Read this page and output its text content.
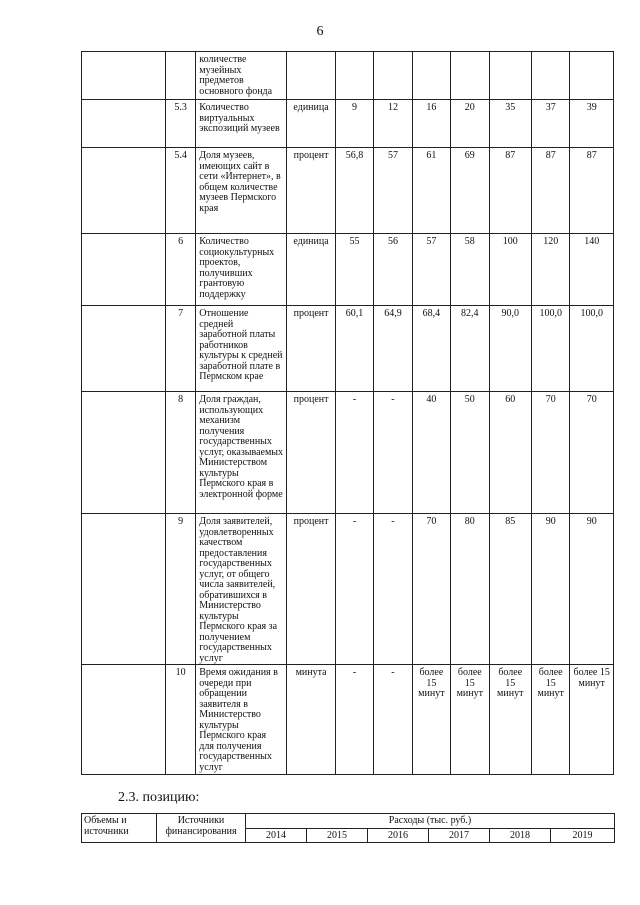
6
		количестве музейных предметов основного фонда								
	5.3	Количество виртуальных экспозиций музеев	единица	9	12	16	20	35	37	39
	5.4	Доля музеев, имеющих сайт в сети «Интернет», в общем количестве музеев Пермского края	процент	56,8	57	61	69	87	87	87
	6	Количество социокультурных проектов, получивших грантовую поддержку	единица	55	56	57	58	100	120	140
	7	Отношение средней заработной платы работников культуры к средней заработной плате в Пермском крае	процент	60,1	64,9	68,4	82,4	90,0	100,0	100,0
	8	Доля граждан, использующих механизм получения государственных услуг, оказываемых Министерством культуры Пермского края в электронной форме	процент	-	-	40	50	60	70	70
	9	Доля заявителей, удовлетворенных качеством предоставления государственных услуг, от общего числа заявителей, обратившихся в Министерство культуры Пермского края за получением государственных услуг	процент	-	-	70	80	85	90	90
	10	Время ожидания в очереди при обращении заявителя в Министерство культуры Пермского края для получения государственных услуг	минута	-	-	более 15 минут	более 15 минут	более 15 минут	более 15 минут	более 15 минут
2.3. позицию:
Объемы и источники	Источники финансирования	Расходы (тыс. руб.)					
		2014	2015	2016	2017	2018	2019
